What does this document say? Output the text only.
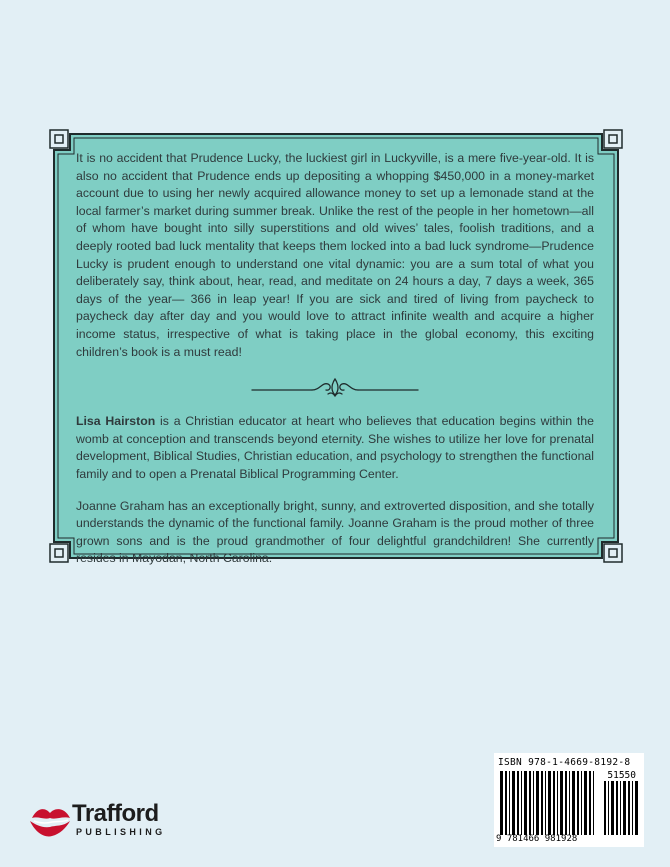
It is no accident that Prudence Lucky, the luckiest girl in Luckyville, is a mere five-year-old. It is also no accident that Prudence ends up depositing a whopping $450,000 in a money-market account due to using her newly acquired allowance money to set up a lemonade stand at the local farmer’s market during summer break. Unlike the rest of the people in her hometown—all of whom have bought into silly superstitions and old wives’ tales, foolish traditions, and a deeply rooted bad luck mentality that keeps them locked into a bad luck syndrome—Prudence Lucky is prudent enough to understand one vital dynamic: you are a sum total of what you deliberately say, think about, hear, read, and meditate on 24 hours a day, 7 days a week, 365 days of the year— 366 in leap year! If you are sick and tired of living from paycheck to paycheck day after day and you would love to attract infinite wealth and acquire a higher income status, irrespective of what is taking place in the global economy, this exciting children’s book is a must read!

Lisa Hairston is a Christian educator at heart who believes that education begins within the womb at conception and transcends beyond eternity. She wishes to utilize her love for prenatal development, Biblical Studies, Christian education, and psychology to strengthen the functional family and to open a Prenatal Biblical Programming Center.

Joanne Graham has an exceptionally bright, sunny, and extroverted disposition, and she totally understands the dynamic of the functional family. Joanne Graham is the proud mother of three grown sons and is the proud grandmother of four delightful grandchildren! She currently resides in Mayodan, North Carolina.

ISBN 978-1-4669-8192-8
51550
9 781466 981928
Trafford
PUBLISHING
